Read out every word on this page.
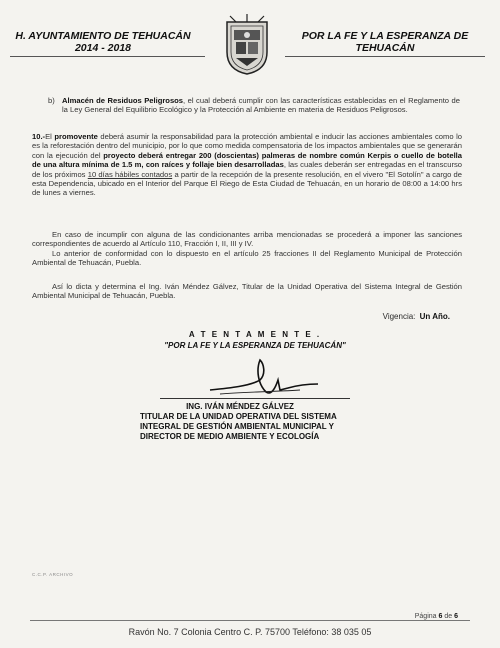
H. AYUNTAMIENTO DE TEHUACÁN
2014 - 2018
POR LA FE Y LA ESPERANZA DE
TEHUACÁN
b) Almacén de Residuos Peligrosos, el cual deberá cumplir con las características establecidas en el Reglamento de la Ley General del Equilibrio Ecológico y la Protección al Ambiente en materia de Residuos Peligrosos.
10.-El promovente deberá asumir la responsabilidad para la protección ambiental e inducir las acciones ambientales como lo es la reforestación dentro del municipio, por lo que como medida compensatoria de los impactos ambientales que se generarán con la ejecución del proyecto deberá entregar 200 (doscientas) palmeras de nombre común Kerpis o cuello de botella de una altura mínima de 1.5 m, con raíces y follaje bien desarrolladas, las cuales deberán ser entregadas en el transcurso de los próximos 10 días hábiles contados a partir de la recepción de la presente resolución, en el vivero "El Sotolín" a cargo de esta Dependencia, ubicado en el Interior del Parque El Riego de Esta Ciudad de Tehuacán, en un horario de 08:00 a 14:00 hrs de lunes a viernes.
En caso de incumplir con alguna de las condicionantes arriba mencionadas se procederá a imponer las sanciones correspondientes de acuerdo al Artículo 110, Fracción I, II, III y IV.
Lo anterior de conformidad con lo dispuesto en el artículo 25 fracciones II del Reglamento Municipal de Protección Ambiental de Tehuacán, Puebla.
Así lo dicta y determina el Ing. Iván Méndez Gálvez, Titular de la Unidad Operativa del Sistema Integral de Gestión Ambiental Municipal de Tehuacán, Puebla.
Vigencia: Un Año.
A T E N T A M E N T E .
"POR LA FE Y LA ESPERANZA DE TEHUACÁN"
ING. IVÁN MÉNDEZ GÁLVEZ
TITULAR DE LA UNIDAD OPERATIVA DEL SISTEMA
INTEGRAL DE GESTIÓN AMBIENTAL MUNICIPAL Y
DIRECTOR DE MEDIO AMBIENTE Y ECOLOGÍA
C.C.P. ARCHIVO
Página 6 de 6
Ravón No. 7 Colonia Centro C. P. 75700 Teléfono: 38 035 05
